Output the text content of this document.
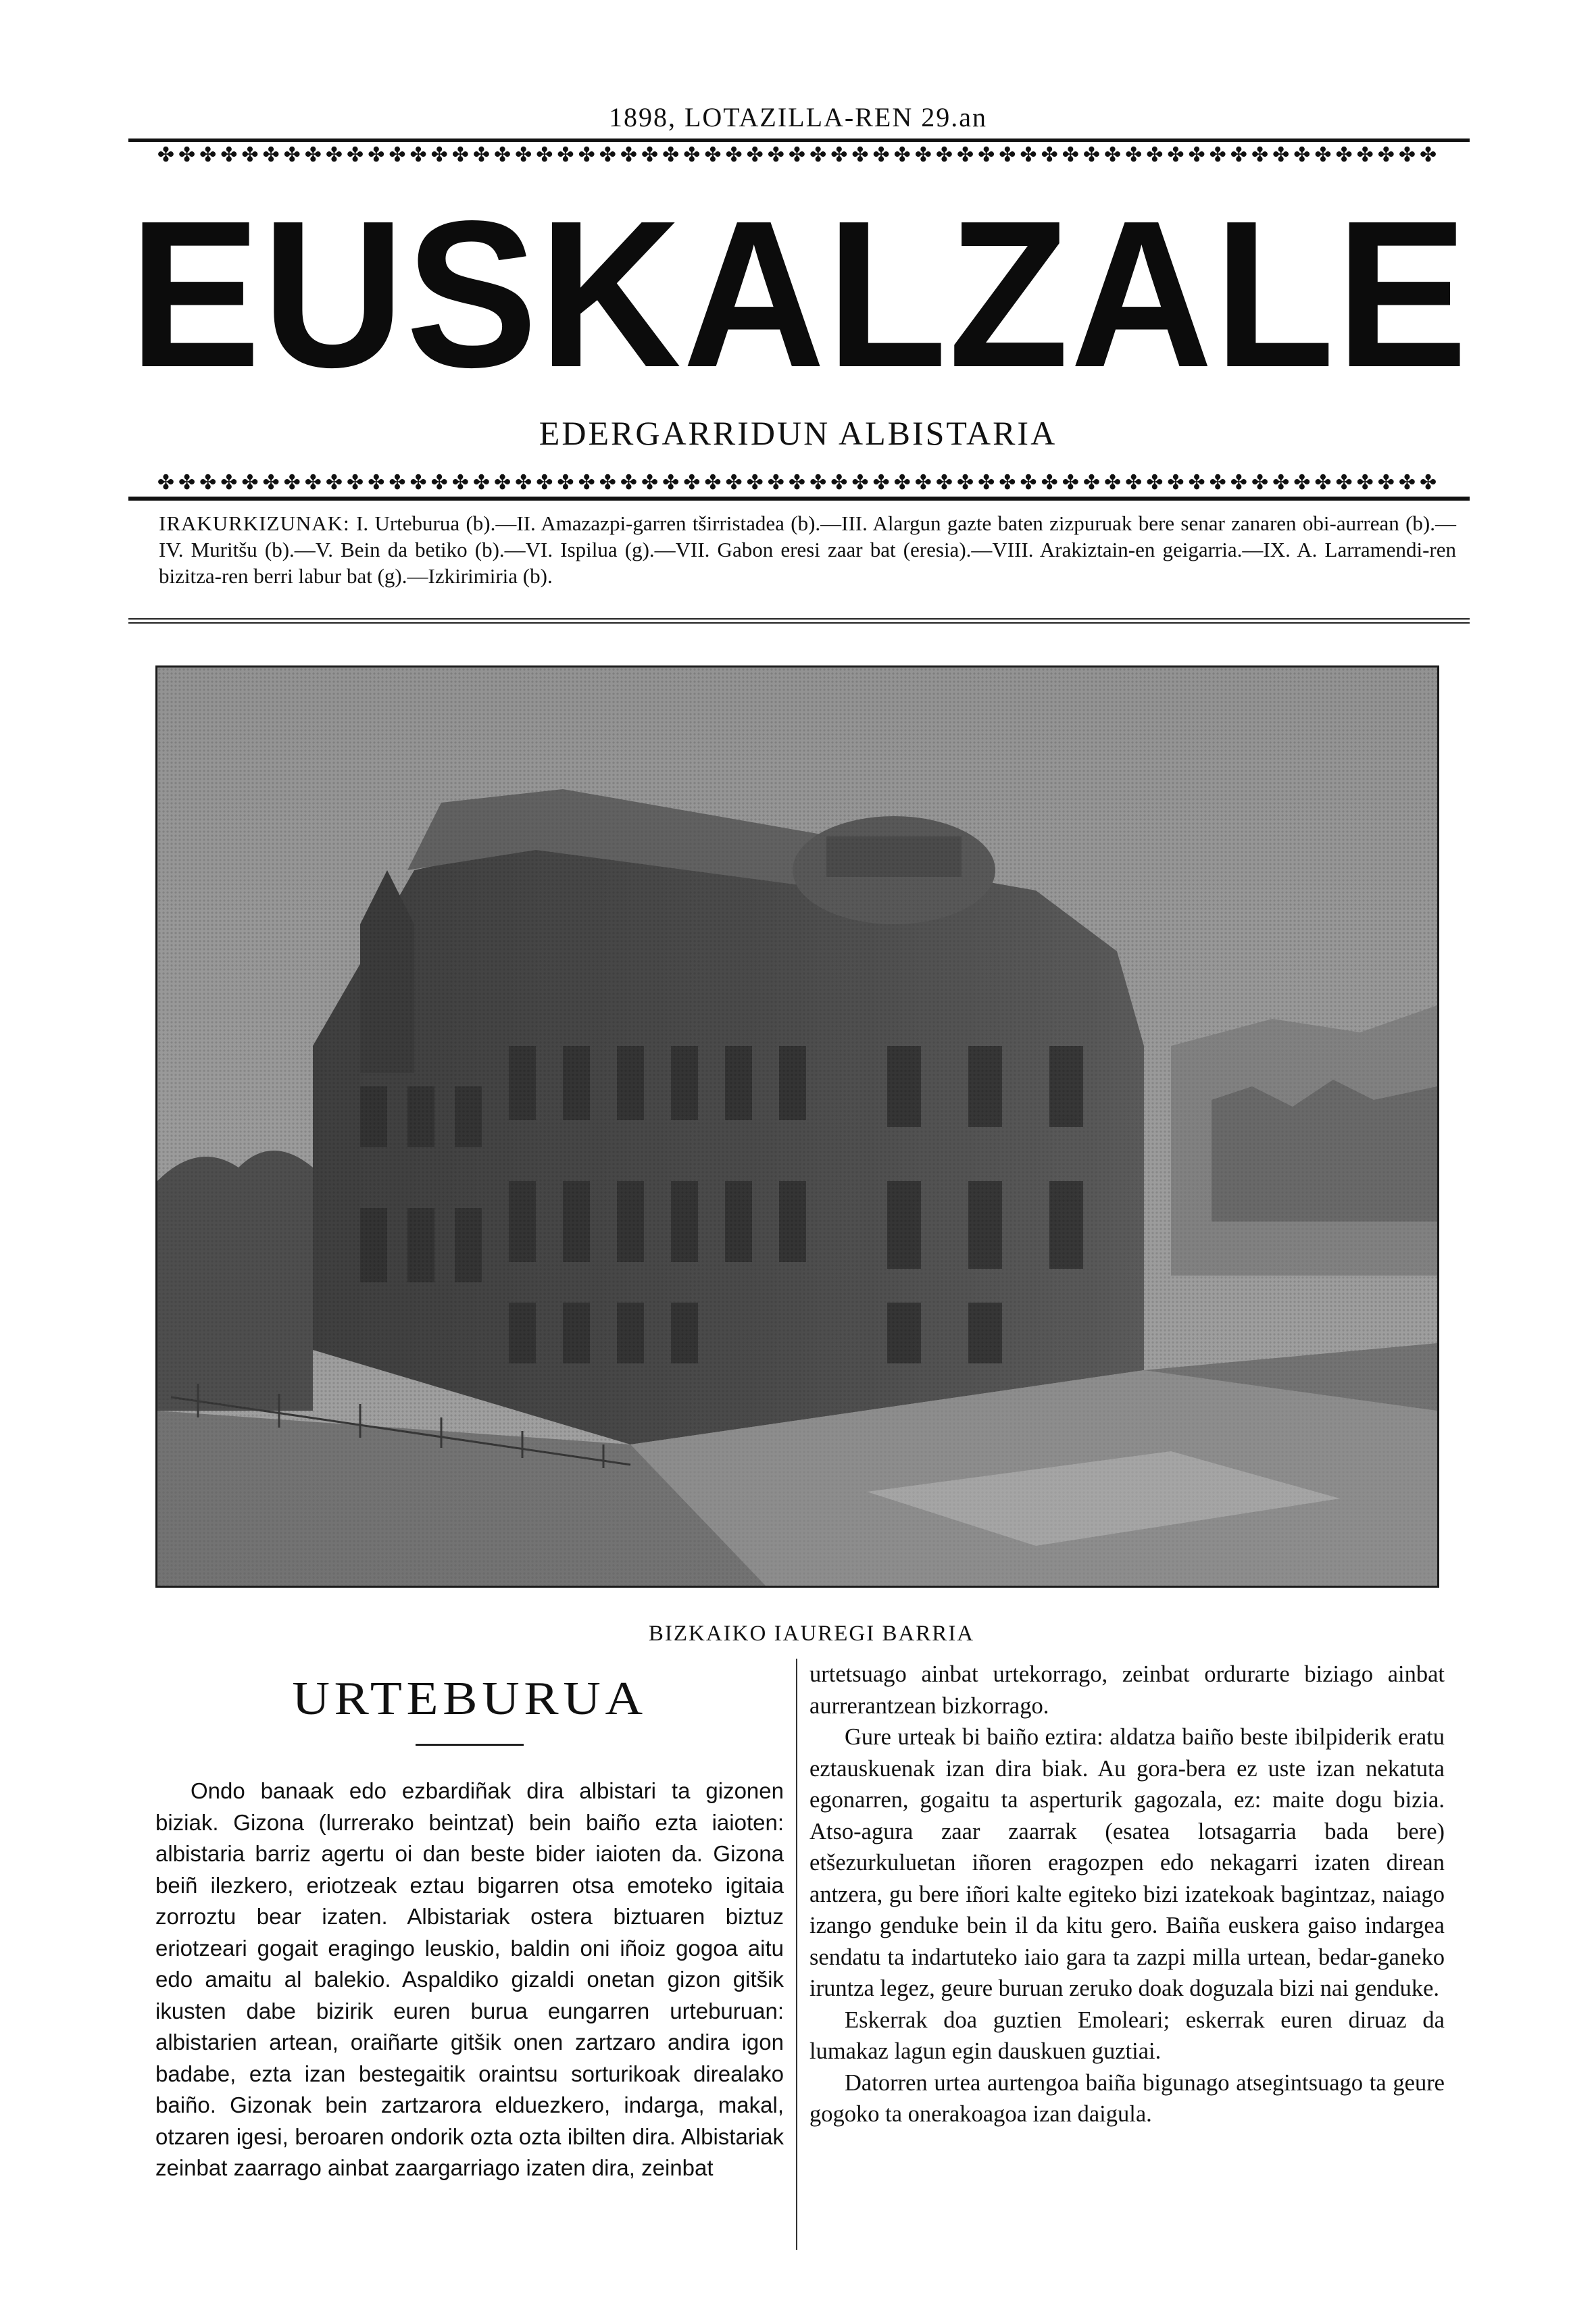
1898, LOTAZILLA-REN 29.an
✤✤✤✤✤✤✤✤✤✤✤✤✤✤✤✤✤✤✤✤✤✤✤✤✤✤✤✤✤✤✤✤✤✤✤✤✤✤✤✤✤✤✤✤✤✤✤✤✤✤✤✤✤✤✤✤✤✤✤✤✤
EUSKALZALE
EDERGARRIDUN ALBISTARIA
✤✤✤✤✤✤✤✤✤✤✤✤✤✤✤✤✤✤✤✤✤✤✤✤✤✤✤✤✤✤✤✤✤✤✤✤✤✤✤✤✤✤✤✤✤✤✤✤✤✤✤✤✤✤✤✤✤✤✤✤✤
IRAKURKIZUNAK: I. Urteburua (b).—II. Amazazpi-garren tširristadea (b).—III. Alargun gazte baten zizpuruak bere senar zanaren obi-aurrean (b).—IV. Muritšu (b).—V. Bein da betiko (b).—VI. Ispilua (g).—VII. Gabon eresi zaar bat (eresia).—VIII. Arakiztain-en geigarria.—IX. A. Larramendi-ren bizitza-ren berri labur bat (g).—Izkirimiria (b).
BIZKAIKO IAUREGI BARRIA
URTEBURUA

Ondo banaak edo ezbardiñak dira albistari ta gizonen biziak. Gizona (lurrerako beintzat) bein baiño ezta iaioten: albistaria barriz agertu oi dan beste bider iaioten da. Gizona beiñ ilezkero, eriotzeak eztau bigarren otsa emoteko igitaia zorroztu bear izaten. Albistariak ostera biztuaren biztuz eriotzeari gogait eragingo leuskio, baldin oni iñoiz gogoa aitu edo amaitu al balekio. Aspaldiko gizaldi onetan gizon gitšik ikusten dabe bizirik euren burua eungarren urteburuan: albistarien artean, oraiñarte gitšik onen zartzaro andira igon badabe, ezta izan bestegaitik oraintsu sorturikoak direalako baiño. Gizonak bein zartzarora elduezkero, indarga, makal, otzaren igesi, beroaren ondorik ozta ozta ibilten dira. Albistariak zeinbat zaarrago ainbat zaargarriago izaten dira, zeinbat

urtetsuago ainbat urtekorrago, zeinbat ordurarte biziago ainbat aurrerantzean bizkorrago.

Gure urteak bi baiño eztira: aldatza baiño beste ibilpiderik eratu eztauskuenak izan dira biak. Au gora-bera ez uste izan nekatuta egonarren, gogaitu ta asperturik gagozala, ez: maite dogu bizia. Atso-agura zaar zaarrak (esatea lotsagarria bada bere) etšezurkuluetan iñoren eragozpen edo nekagarri izaten direan antzera, gu bere iñori kalte egiteko bizi izatekoak bagintzaz, naiago izango genduke bein il da kitu gero. Baiña euskera gaiso indargea sendatu ta indartuteko iaio gara ta zazpi milla urtean, bedar-ganeko iruntza legez, geure buruan zeruko doak doguzala bizi nai genduke.

Eskerrak doa guztien Emoleari; eskerrak euren diruaz da lumakaz lagun egin dauskuen guztiai.

Datorren urtea aurtengoa baiña bigunago atsegintsuago ta geure gogoko ta onerakoagoa izan daigula.
